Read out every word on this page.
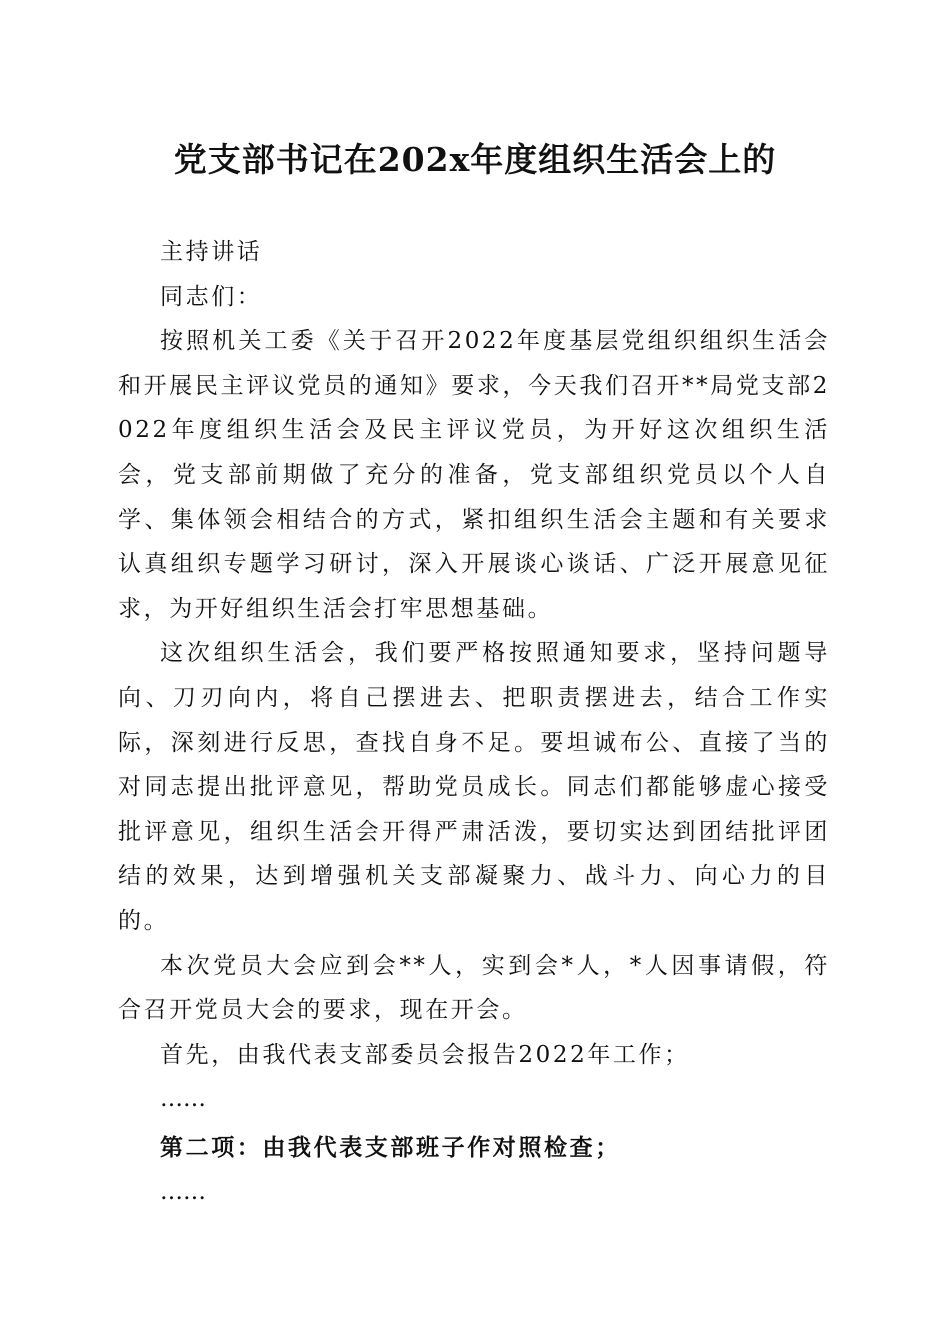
党支部书记在202x年度组织生活会上的

主持讲话

同志们：

按照机关工委《关于召开2022年度基层党组织组织生活会和开展民主评议党员的通知》要求，今天我们召开**局党支部2022年度组织生活会及民主评议党员，为开好这次组织生活会，党支部前期做了充分的准备，党支部组织党员以个人自学、集体领会相结合的方式，紧扣组织生活会主题和有关要求认真组织专题学习研讨，深入开展谈心谈话、广泛开展意见征求，为开好组织生活会打牢思想基础。

这次组织生活会，我们要严格按照通知要求，坚持问题导向、刀刃向内，将自己摆进去、把职责摆进去，结合工作实际，深刻进行反思，查找自身不足。要坦诚布公、直接了当的对同志提出批评意见，帮助党员成长。同志们都能够虚心接受批评意见，组织生活会开得严肃活泼，要切实达到团结批评团结的效果，达到增强机关支部凝聚力、战斗力、向心力的目的。

本次党员大会应到会**人，实到会*人，*人因事请假，符合召开党员大会的要求，现在开会。

首先，由我代表支部委员会报告2022年工作；

……

第二项：由我代表支部班子作对照检查；

……
